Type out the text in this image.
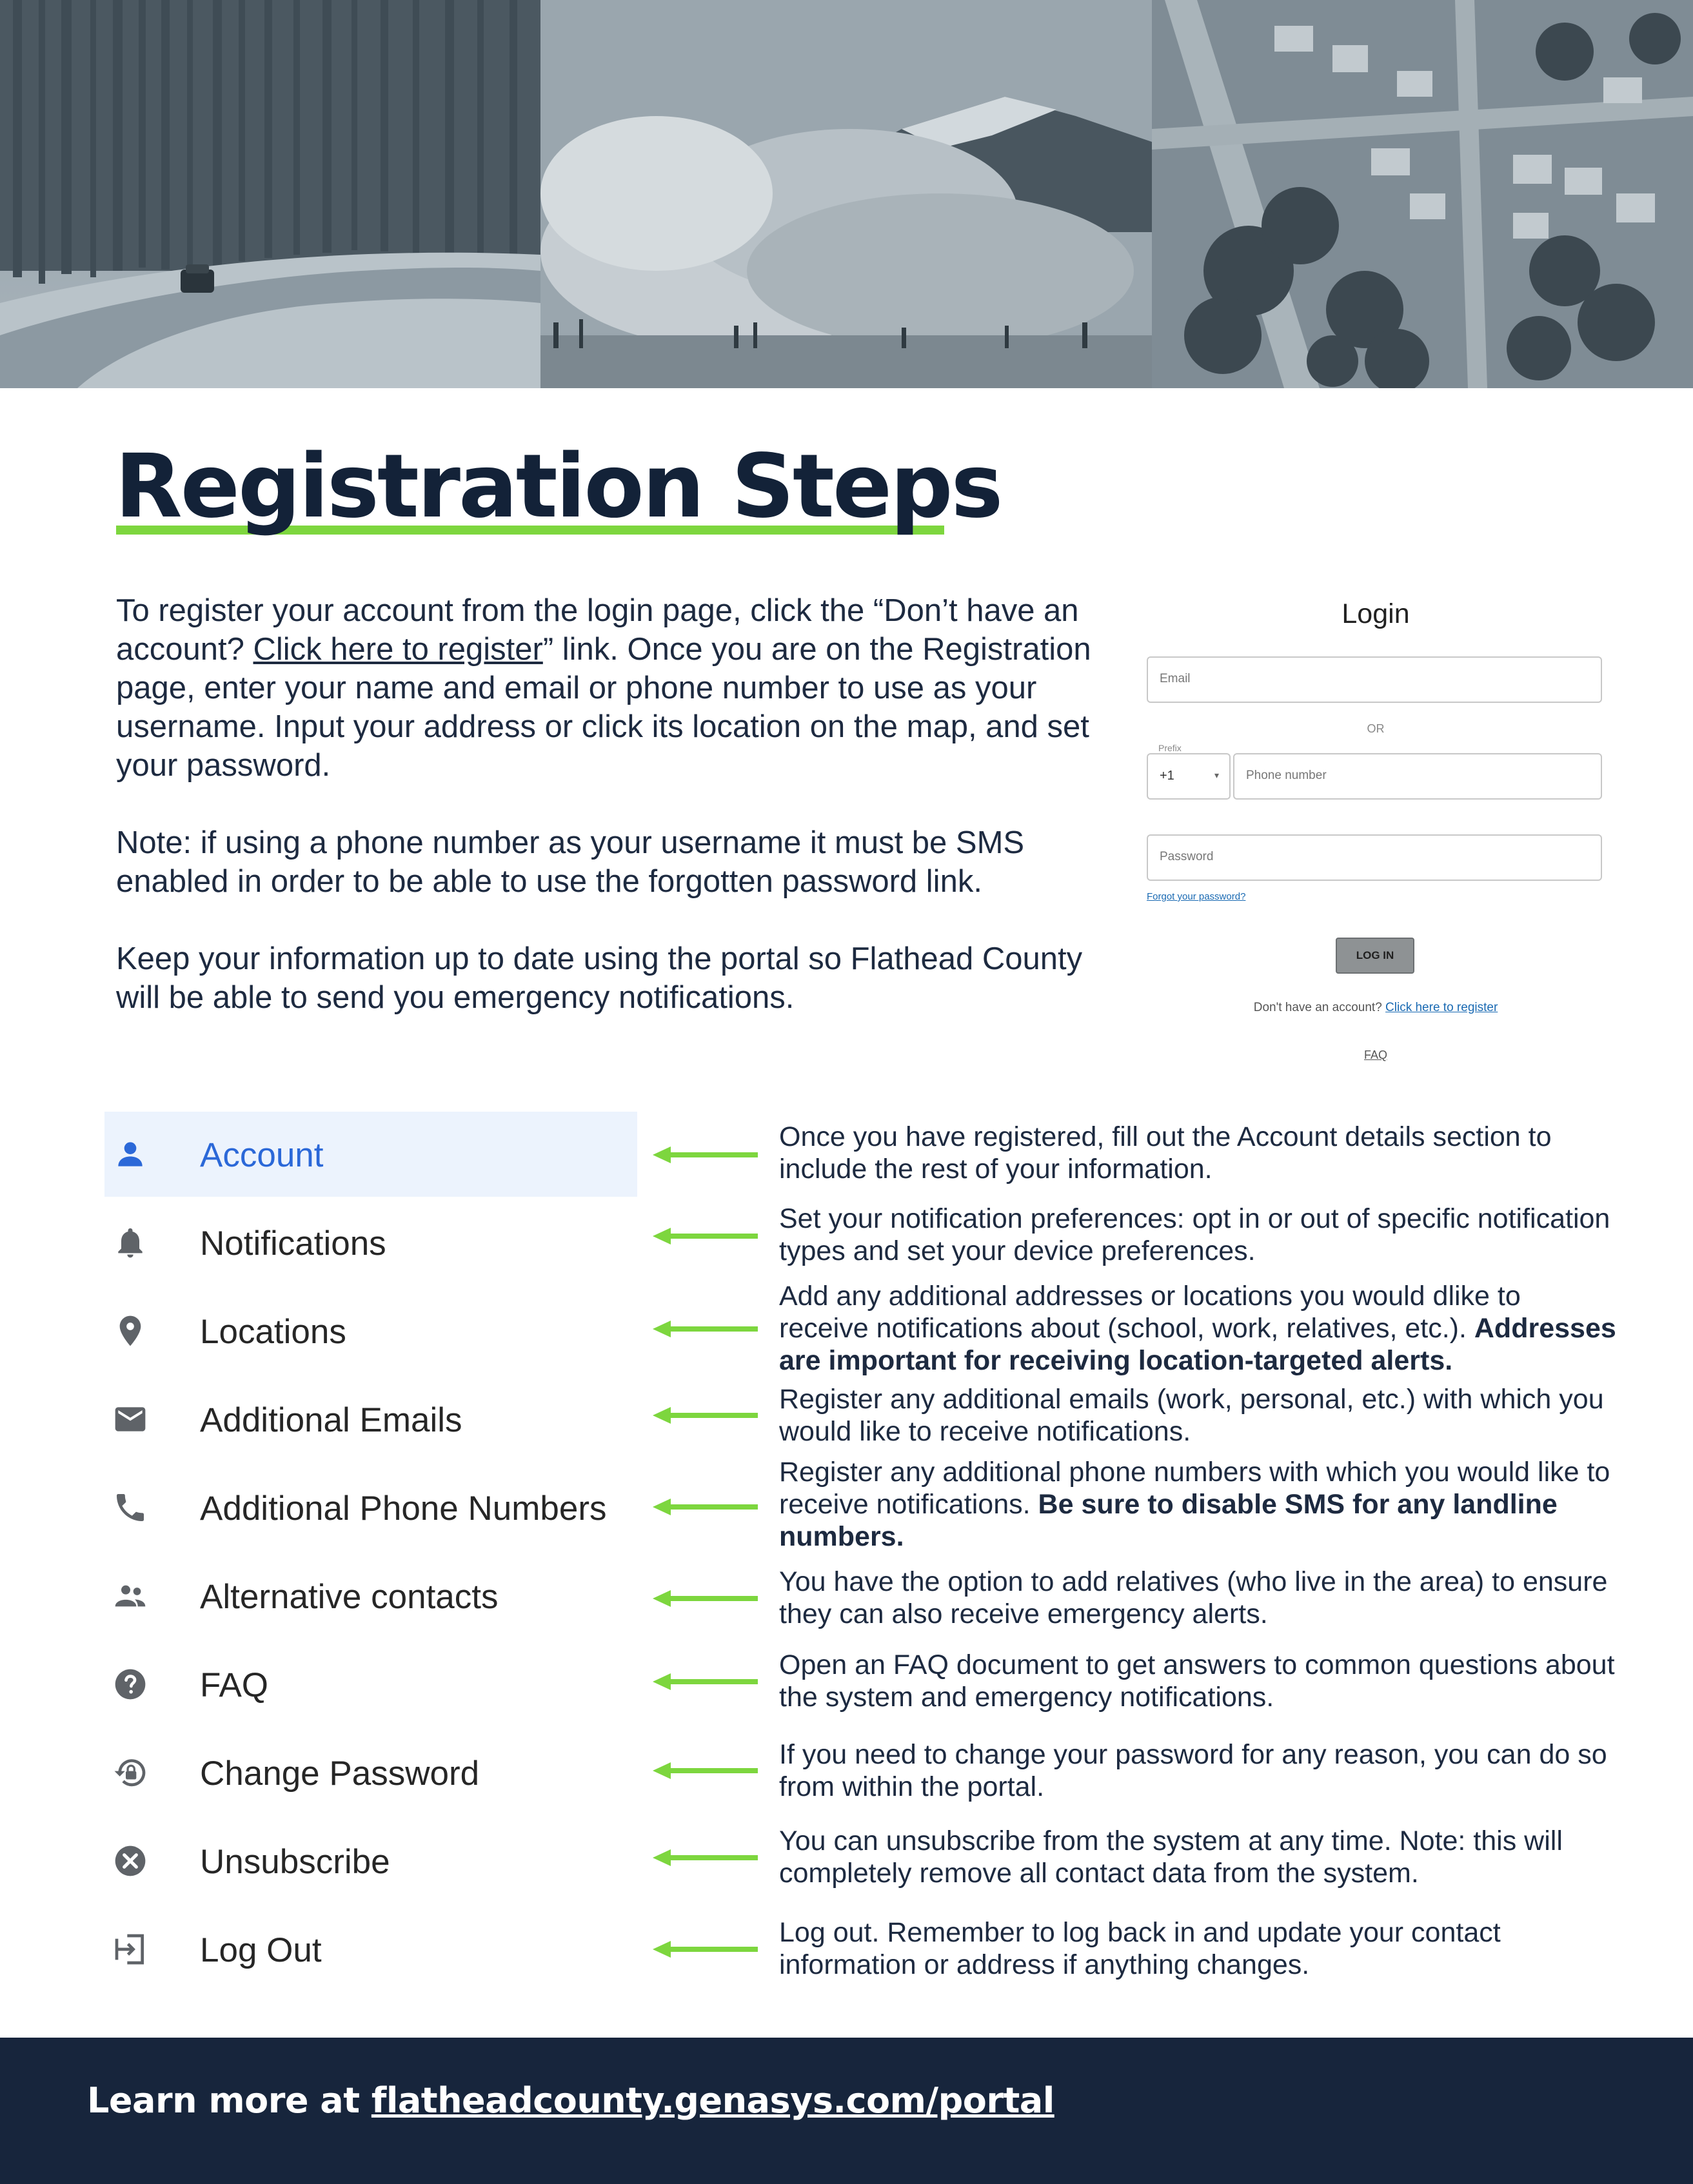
Registration Steps

To register your account from the login page, click the “Don’t have an account? Click here to register” link. Once you are on the Registration page, enter your name and email or phone number to use as your username. Input your address or click its location on the map, and set your password.

Note: if using a phone number as your username it must be SMS enabled in order to be able to use the forgotten password link.

Keep your information up to date using the portal so Flathead County will be able to send you emergency notifications.

Login
Email
OR
Prefix
+1	▾	Phone number
Password
Forgot your password?
LOG IN
Don't have an account? Click here to register
FAQ
Account
Notifications
Locations
Additional Emails
Additional Phone Numbers
Alternative contacts
FAQ
Change Password
Unsubscribe
Log Out
Once you have registered, fill out the Account details section to include the rest of your information.
Set your notification preferences: opt in or out of specific notification types and set your device preferences.
Add any additional addresses or locations you would dlike to receive notifications about (school, work, relatives, etc.). Addresses are important for receiving location-targeted alerts.
Register any additional emails (work, personal, etc.) with which you would like to receive notifications.
Register any additional phone numbers with which you would like to receive notifications. Be sure to disable SMS for any landline numbers.
You have the option to add relatives (who live in the area) to ensure they can also receive emergency alerts.
Open an FAQ document to get answers to common questions about the system and emergency notifications.
If you need to change your password for any reason, you can do so from within the portal.
You can unsubscribe from the system at any time. Note: this will completely remove all contact data from the system.
Log out. Remember to log back in and update your contact information or address if anything changes.
Learn more at flatheadcounty.genasys.com/portal
